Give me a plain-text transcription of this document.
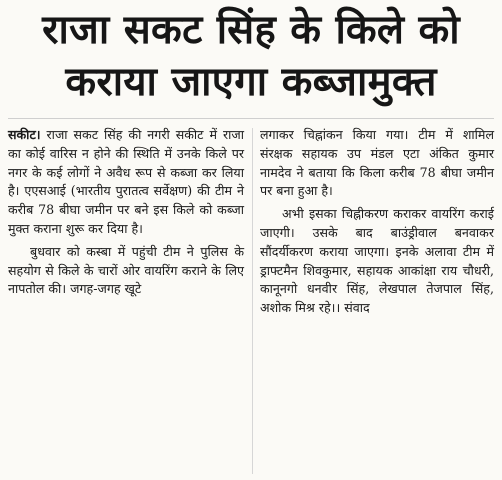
राजा सकट सिंह के किले को
कराया जाएगा कब्जामुक्त

सकीट। राजा सकट सिंह की नगरी सकीट में राजा का कोई वारिस न होने की स्थिति में उनके किले पर नगर के कई लोगों ने अवैध रूप से कब्जा कर लिया है। एएसआई (भारतीय पुरातत्व सर्वेक्षण) की टीम ने करीब 78 बीघा जमीन पर बने इस किले को कब्जा मुक्त कराना शुरू कर दिया है।

बुधवार को कस्बा में पहुंची टीम ने पुलिस के सहयोग से किले के चारों ओर वायरिंग कराने के लिए नापतोल की। जगह-जगह खूटे

लगाकर चिह्नांकन किया गया। टीम में शामिल संरक्षक सहायक उप मंडल एटा अंकित कुमार नामदेव ने बताया कि किला करीब 78 बीघा जमीन पर बना हुआ है।

अभी इसका चिह्नीकरण कराकर वायरिंग कराई जाएगी। उसके बाद बाउंड्रीवाल बनवाकर सौंदर्यीकरण कराया जाएगा। इनके अलावा टीम में ड्राफ्टमैन शिवकुमार, सहायक आकांक्षा राय चौधरी, कानूनगो धनवीर सिंह, लेखपाल तेजपाल सिंह, अशोक मिश्र रहे।। संवाद
